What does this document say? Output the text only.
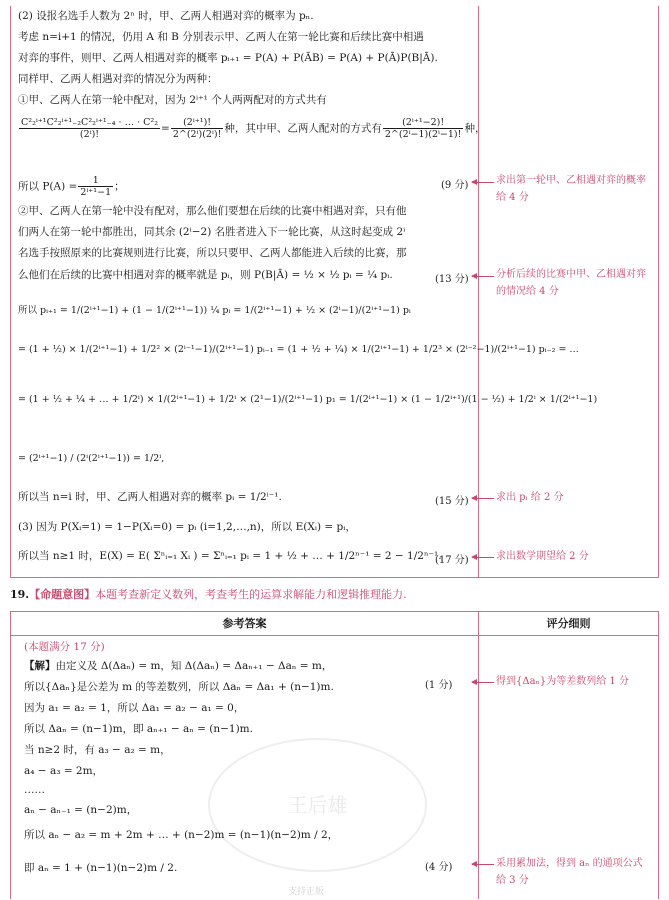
(2) 设报名选手人数为 2ⁿ 时，甲、乙两人相遇对弈的概率为 pₙ.
考虑 n=i+1 的情况，仍用 A 和 B 分别表示甲、乙两人在第一轮比赛和后续比赛中相遇
对弈的事件，则甲、乙两人相遇对弈的概率 pᵢ₊₁ = P(A) + P(ĀB) = P(A) + P(Ā)P(B|Ā).
同样甲、乙两人相遇对弈的情况分为两种：
①甲、乙两人在第一轮中配对，因为 2ⁱ⁺¹ 个人两两配对的方式共有
$\frac{\text{C²₂ⁱ⁺¹C²₂ⁱ⁺¹₋₂C²₂ⁱ⁺¹₋₄ · … · C²₂}}{\text{(2ⁱ)!}} = \frac{\text{(2ⁱ⁺¹)!}}{\text{2\textasciicircum{}(2ⁱ)(2ⁱ)!}}$ 种，其中甲、乙两人配对的方式有 $\frac{\text{(2ⁱ⁺¹−2)!}}{\text{2\textasciicircum{}(2ⁱ−1)(2ⁱ−1)!}}$ 种，
所以 $P(A) = \frac{1}{\text{2ⁱ⁺¹−1}}$ ；
②甲、乙两人在第一轮中没有配对，那么他们要想在后续的比赛中相遇对弈，只有他
们两人在第一轮中都胜出，同其余 (2ⁱ−2) 名胜者进入下一轮比赛，从这时起变成 2ⁱ
名选手按照原来的比赛规则进行比赛，所以只要甲、乙两人都能进入后续的比赛，那
么他们在后续的比赛中相遇对弈的概率就是 pᵢ，则 P(B|Ā) = ½ × ½ pᵢ = ¼ pᵢ.
所以 pᵢ₊₁ = 1/(2ⁱ⁺¹−1) + (1 − 1/(2ⁱ⁺¹−1)) ¼ pᵢ = 1/(2ⁱ⁺¹−1) + ½ × (2ⁱ−1)/(2ⁱ⁺¹−1) pᵢ
= (1 + ½) × 1/(2ⁱ⁺¹−1) + 1/2² × (2ⁱ⁻¹−1)/(2ⁱ⁺¹−1) pᵢ₋₁ = (1 + ½ + ¼) × 1/(2ⁱ⁺¹−1) + 1/2³ × (2ⁱ⁻²−1)/(2ⁱ⁺¹−1) pᵢ₋₂ = …
= (1 + ½ + ¼ + … + 1/2ⁱ) × 1/(2ⁱ⁺¹−1) + 1/2ⁱ × (2¹−1)/(2ⁱ⁺¹−1) p₁ = 1/(2ⁱ⁺¹−1) × (1 − 1/2ⁱ⁺¹)/(1 − ½) + 1/2ⁱ × 1/(2ⁱ⁺¹−1)
= (2ⁱ⁺¹−1) / (2ⁱ(2ⁱ⁺¹−1)) = 1/2ⁱ,
所以当 n=i 时，甲、乙两人相遇对弈的概率 pᵢ = 1/2ⁱ⁻¹.
(3) 因为 P(Xᵢ=1) = 1−P(Xᵢ=0) = pᵢ (i=1,2,…,n)，所以 E(Xᵢ) = pᵢ，
所以当 n≥1 时，E(X) = E( Σⁿᵢ₌₁ Xᵢ ) = Σⁿᵢ₌₁ pᵢ = 1 + ½ + … + 1/2ⁿ⁻¹ = 2 − 1/2ⁿ⁻¹.
(9 分)
(13 分)
(15 分)
(17 分)
求出第一轮甲、乙相遇对弈的概率给 4 分
分析后续的比赛中甲、乙相遇对弈的情况给 4 分
求出 pᵢ 给 2 分
求出数学期望给 2 分
19.【命题意图】本题考查新定义数列，考查考生的运算求解能力和逻辑推理能力.
参考答案	评分细则
王后雄
(本题满分 17 分)
【解】由定义及 Δ(Δaₙ) = m，知 Δ(Δaₙ) = Δaₙ₊₁ − Δaₙ = m，
所以{Δaₙ}是公差为 m 的等差数列，所以 Δaₙ = Δa₁ + (n−1)m.
因为 a₁ = a₂ = 1，所以 Δa₁ = a₂ − a₁ = 0，
所以 Δaₙ = (n−1)m，即 aₙ₊₁ − aₙ = (n−1)m.
当 n≥2 时，有 a₃ − a₂ = m，
a₄ − a₃ = 2m，
……
aₙ − aₙ₋₁ = (n−2)m，
所以 aₙ − a₂ = m + 2m + … + (n−2)m = (n−1)(n−2)m / 2，
即 aₙ = 1 + (n−1)(n−2)m / 2.
(1 分)
(4 分)
得到{Δaₙ}为等差数列给 1 分
采用累加法，得到 aₙ 的通项公式给 3 分
支持正版
